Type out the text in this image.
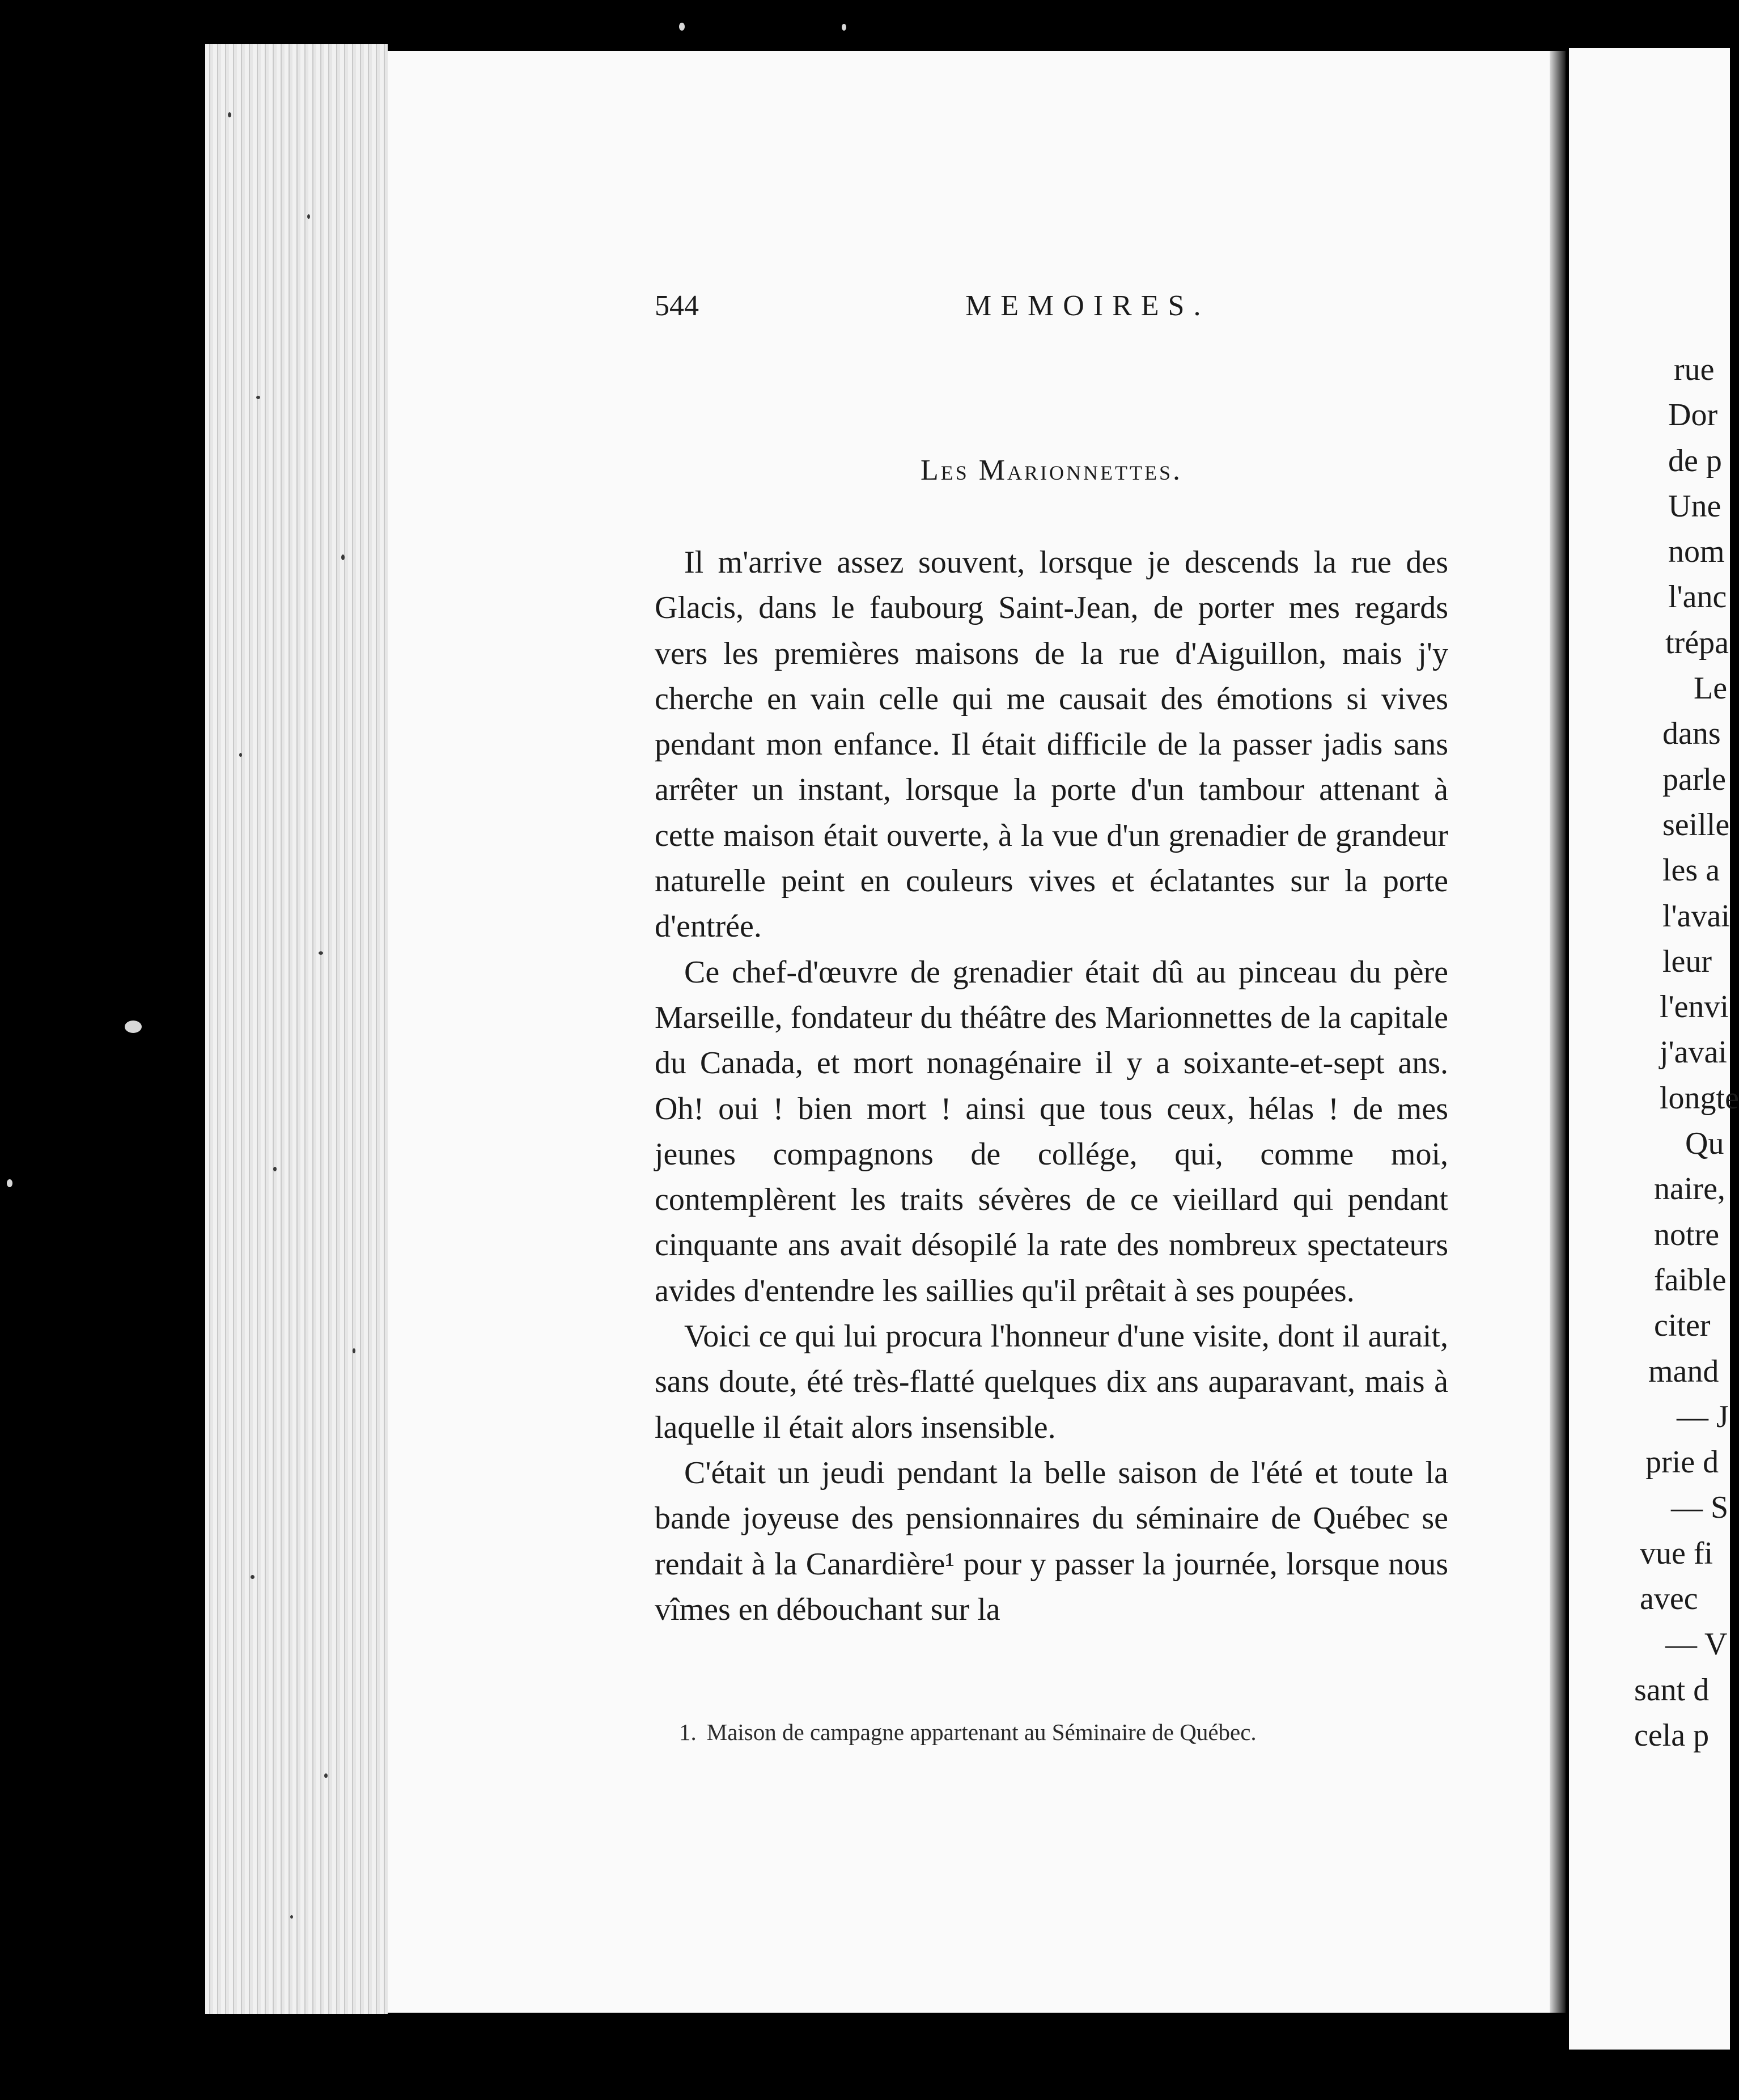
544	MEMOIRES.
Les Marionnettes.

Il m'arrive assez souvent, lorsque je descends la rue des Glacis, dans le faubourg Saint-Jean, de porter mes regards vers les premières maisons de la rue d'Aiguillon, mais j'y cherche en vain celle qui me causait des émotions si vives pendant mon enfance. Il était difficile de la passer jadis sans arrêter un instant, lorsque la porte d'un tambour attenant à cette maison était ouverte, à la vue d'un grenadier de grandeur naturelle peint en couleurs vives et éclatantes sur la porte d'entrée.

Ce chef-d'œuvre de grenadier était dû au pinceau du père Marseille, fondateur du théâtre des Marionnettes de la capitale du Canada, et mort nonagénaire il y a soixante-et-sept ans. Oh! oui ! bien mort ! ainsi que tous ceux, hélas ! de mes jeunes compagnons de collége, qui, comme moi, contemplèrent les traits sévères de ce vieillard qui pendant cinquante ans avait désopilé la rate des nombreux spectateurs avides d'entendre les saillies qu'il prêtait à ses poupées.

Voici ce qui lui procura l'honneur d'une visite, dont il aurait, sans doute, été très-flatté quelques dix ans auparavant, mais à laquelle il était alors insensible.

C'était un jeudi pendant la belle saison de l'été et toute la bande joyeuse des pensionnaires du séminaire de Québec se rendait à la Canardière¹ pour y passer la journée, lorsque nous vîmes en débouchant sur la

1. Maison de campagne appartenant au Séminaire de Québec.
rue
Dor
de p
Une
nom
l'anc
trépa
Le
dans
parle
seille
les a
l'avai
leur
l'envi
j'avai
longte
Qu
naire,
notre
faible
citer
mand
— J
prie d
— S
vue fi
avec
— V
sant d
cela p
